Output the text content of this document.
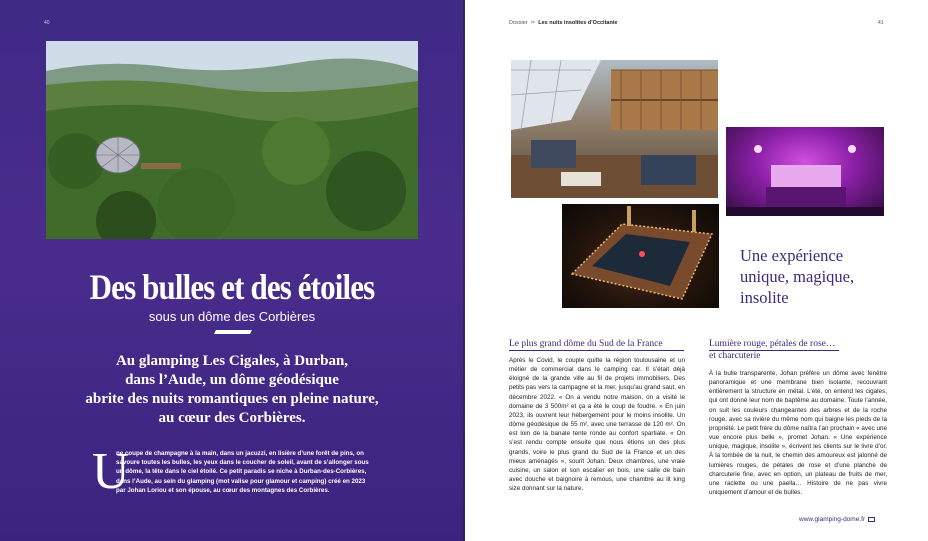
40
Des bulles et des étoiles
sous un dôme des Corbières
Au glamping Les Cigales, à Durban,
dans l’Aude, un dôme géodésique
abrite des nuits romantiques en pleine nature,
au cœur des Corbières.
U
ne coupe de champagne à la main, dans un jacuzzi, en lisière d’une forêt de pins, on savoure toutes les bulles, les yeux dans le coucher de soleil, avant de s’allonger sous un dôme, la tête dans le ciel étoilé. Ce petit paradis se niche à Durban-des-Corbières, dans l’Aude, au sein du glamping (mot valise pour glamour et camping) créé en 2023 par Johan Loriou et son épouse, au cœur des montagnes des Corbières.
Dossier ✂ Les nuits insolites d’Occitanie	41
Une expérience
unique, magique,
insolite
Le plus grand dôme du Sud de la France
Après le Covid, le couple quitte la région toulousaine et un métier de commercial dans le camping car. Il s’était déjà éloigné de la grande ville au fil de projets immobiliers. Des petits pas vers la campagne et la mer, jusqu’au grand saut, en décembre 2022. « On a vendu notre maison, on a visité le domaine de 3 500m² et ça a été le coup de foudre. » En juin 2023, ils ouvrent leur hébergement pour le moins insolite. Un dôme géodésique de 55 m², avec une terrasse de 120 m². On est loin de la banale tente ronde au confort spartiate. « On s’est rendu compte ensuite que nous étions un des plus grands, voire le plus grand du Sud de la France et un des mieux aménagés », sourit Johan. Deux chambres, une vraie cuisine, un salon et son escalier en bois, une salle de bain avec douche et baignoire à remous, une chambre au lit king size donnant sur la nature.
Lumière rouge, pétales de rose…
et charcuterie
À la bulle transparente, Johan préfère un dôme avec fenêtre panoramique et une membrane bien isolante, recouvrant entièrement la structure en métal. L’été, on entend les cigales, qui ont donné leur nom de baptême au domaine. Toute l’année, on suit les couleurs changeantes des arbres et de la roche rouge, avec sa rivière du même nom qui baigne les pieds de la propriété. Le petit frère du dôme naîtra l’an prochain « avec une vue encore plus belle », promet Johan. « Une expérience unique, magique, insolite », écrivent les clients sur le livre d’or. À la tombée de la nuit, le chemin des amoureux est jalonné de lumières rouges, de pétales de rose et d’une planche de charcuterie fine, avec en option, un plateau de fruits de mer, une raclette ou une paella… Histoire de ne pas vivre uniquement d’amour et de bulles.
www.glamping-dome.fr
